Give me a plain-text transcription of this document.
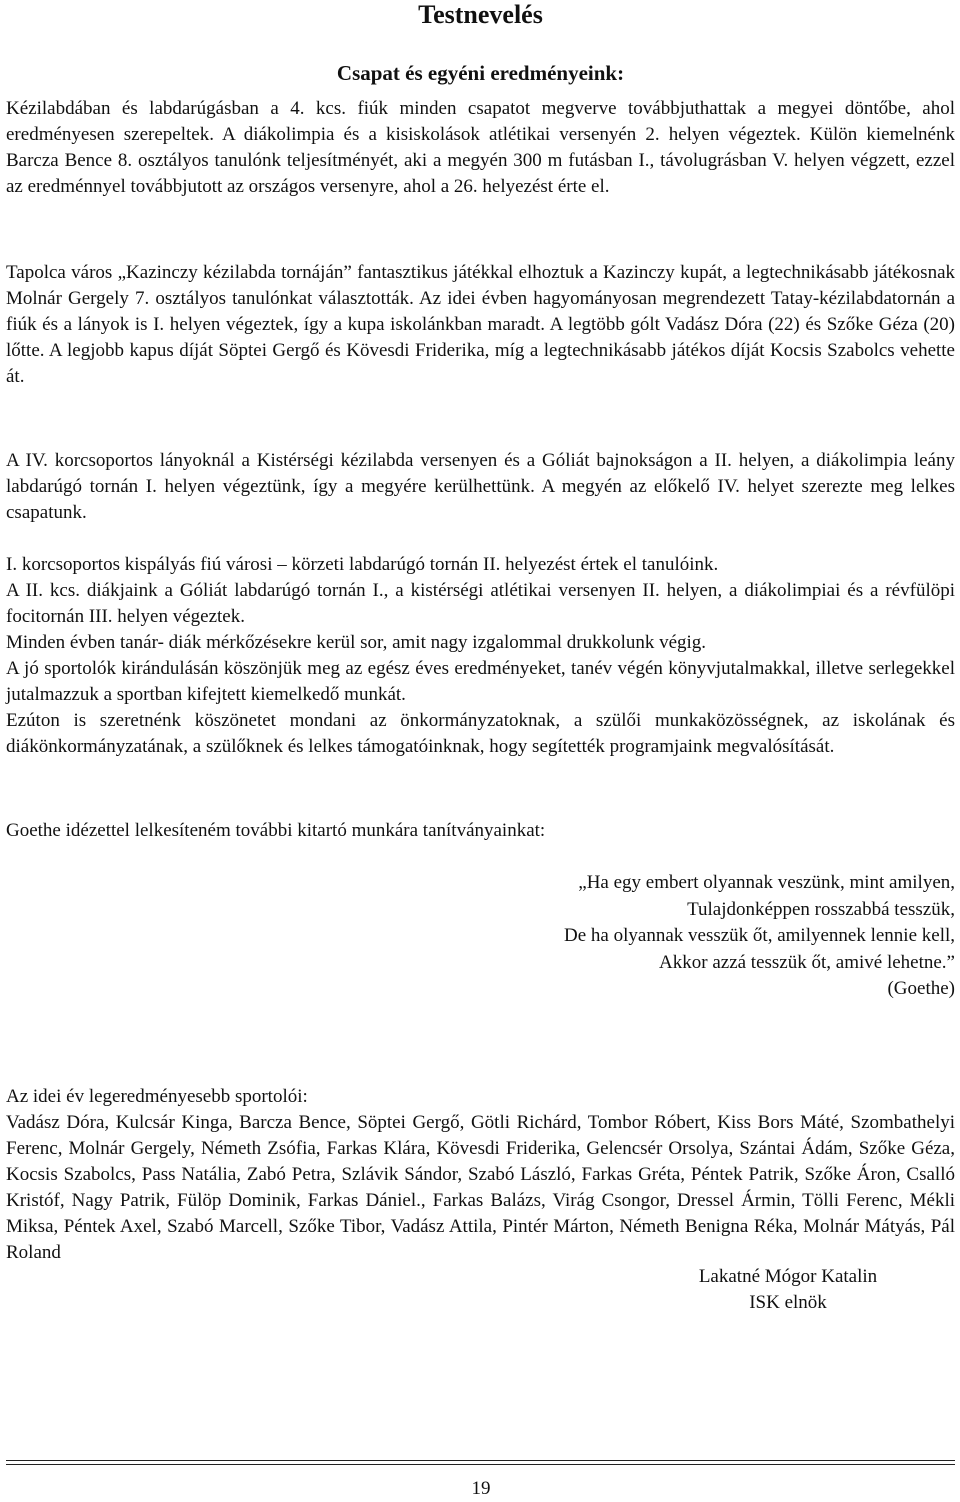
Testnevelés
Csapat és egyéni eredményeink:

Kézilabdában és labdarúgásban a 4. kcs. fiúk minden csapatot megverve továbbjuthattak a megyei döntőbe, ahol eredményesen szerepeltek. A diákolimpia és a kisiskolások atlétikai versenyén 2. helyen végeztek. Külön kiemelnénk Barcza Bence 8. osztályos tanulónk teljesítményét, aki a megyén 300 m futásban I., távolugrásban V. helyen végzett, ezzel az eredménnyel továbbjutott az országos versenyre, ahol a 26. helyezést érte el.

Tapolca város „Kazinczy kézilabda tornáján” fantasztikus játékkal elhoztuk a Kazinczy kupát, a legtechnikásabb játékosnak Molnár Gergely 7. osztályos tanulónkat választották. Az idei évben hagyományosan megrendezett Tatay-kézilabdatornán a fiúk és a lányok is I. helyen végeztek, így a kupa iskolánkban maradt. A legtöbb gólt Vadász Dóra (22) és Szőke Géza (20) lőtte. A legjobb kapus díját Söptei Gergő és Kövesdi Friderika, míg a legtechnikásabb játékos díját Kocsis Szabolcs vehette át.

A IV. korcsoportos lányoknál a Kistérségi kézilabda versenyen és a Góliát bajnokságon a II. helyen, a diákolimpia leány labdarúgó tornán I. helyen végeztünk, így a megyére kerülhettünk. A megyén az előkelő IV. helyet szerezte meg lelkes csapatunk.

I. korcsoportos kispályás fiú városi – körzeti labdarúgó tornán II. helyezést értek el tanulóink.

A II. kcs. diákjaink a Góliát labdarúgó tornán I., a kistérségi atlétikai versenyen II. helyen, a diákolimpiai és a révfülöpi focitornán III. helyen végeztek.

Minden évben tanár- diák mérkőzésekre kerül sor, amit nagy izgalommal drukkolunk végig.

A jó sportolók kirándulásán köszönjük meg az egész éves eredményeket, tanév végén könyvjutalmakkal, illetve serlegekkel jutalmazzuk a sportban kifejtett kiemelkedő munkát.

Ezúton is szeretnénk köszönetet mondani az önkormányzatoknak, a szülői munkaközösségnek, az iskolának és diákönkormányzatának, a szülőknek és lelkes támogatóinknak, hogy segítették programjaink megvalósítását.

Goethe idézettel lelkesíteném további kitartó munkára tanítványainkat:

„Ha egy embert olyannak veszünk, mint amilyen,
Tulajdonképpen rosszabbá tesszük,
De ha olyannak vesszük őt, amilyennek lennie kell,
Akkor azzá tesszük őt, amivé lehetne.”
(Goethe)

Az idei év legeredményesebb sportolói:

Vadász Dóra, Kulcsár Kinga, Barcza Bence, Söptei Gergő, Götli Richárd, Tombor Róbert, Kiss Bors Máté, Szombathelyi Ferenc, Molnár Gergely, Németh Zsófia, Farkas Klára, Kövesdi Friderika, Gelencsér Orsolya, Szántai Ádám, Szőke Géza, Kocsis Szabolcs, Pass Natália, Zabó Petra, Szlávik Sándor, Szabó László, Farkas Gréta, Péntek Patrik, Szőke Áron, Csalló Kristóf, Nagy Patrik, Fülöp Dominik, Farkas Dániel., Farkas Balázs, Virág Csongor, Dressel Ármin, Tölli Ferenc, Mékli Miksa, Péntek Axel, Szabó Marcell, Szőke Tibor, Vadász Attila, Pintér Márton, Németh Benigna Réka, Molnár Mátyás, Pál Roland

Lakatné Mógor Katalin
ISK elnök
19
